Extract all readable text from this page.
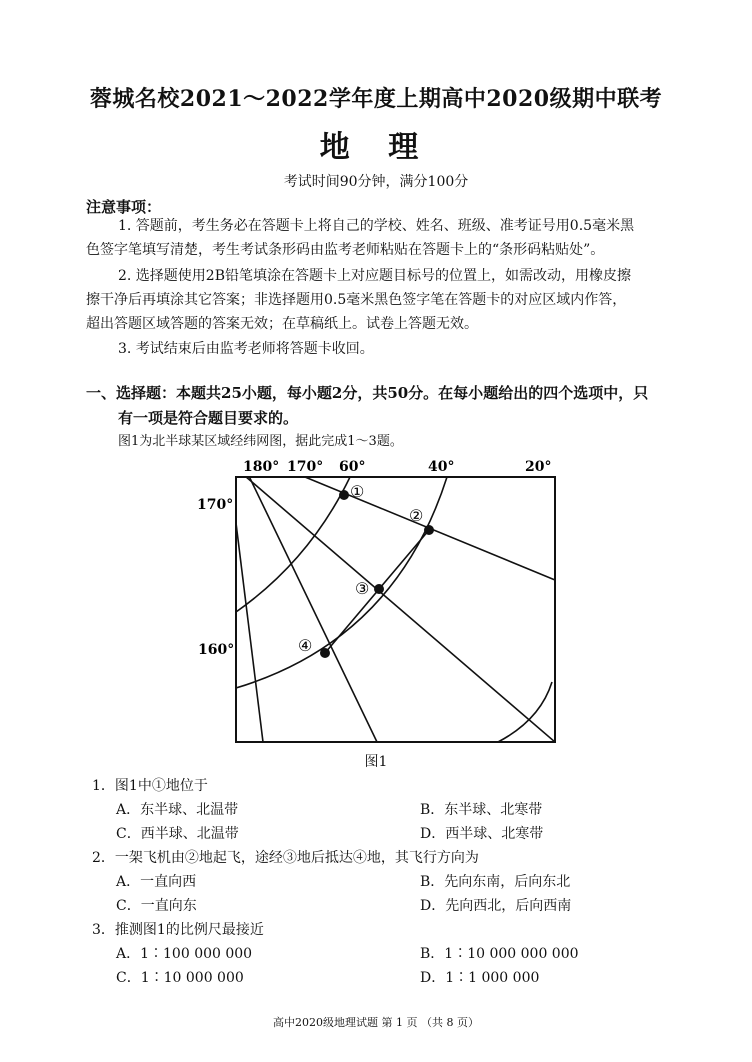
蓉城名校2021～2022学年度上期高中2020级期中联考
地 理
考试时间90分钟，满分100分
注意事项：
1. 答题前，考生务必在答题卡上将自己的学校、姓名、班级、准考证号用0.5毫米黑
色签字笔填写清楚，考生考试条形码由监考老师粘贴在答题卡上的“条形码粘贴处”。
2. 选择题使用2B铅笔填涂在答题卡上对应题目标号的位置上，如需改动，用橡皮擦
擦干净后再填涂其它答案；非选择题用0.5毫米黑色签字笔在答题卡的对应区域内作答，
超出答题区域答题的答案无效；在草稿纸上。试卷上答题无效。
3. 考试结束后由监考老师将答题卡收回。
一、选择题：本题共25小题，每小题2分，共50分。在每小题给出的四个选项中，只
有一项是符合题目要求的。
图1为北半球某区域经纬网图，据此完成1～3题。
①
②
③
④
180° 170° 60°	40°	20°
170°
160°
图1
1．图1中①地位于
A．东半球、北温带	B．东半球、北寒带
C．西半球、北温带	D．西半球、北寒带
2．一架飞机由②地起飞，途经③地后抵达④地，其飞行方向为
A．一直向西	B．先向东南，后向东北
C．一直向东	D．先向西北，后向西南
3．推测图1的比例尺最接近
A．1∶100 000 000	B．1∶10 000 000 000
C．1∶10 000 000	D．1∶1 000 000
高中2020级地理试题 第 1 页 （共 8 页）
